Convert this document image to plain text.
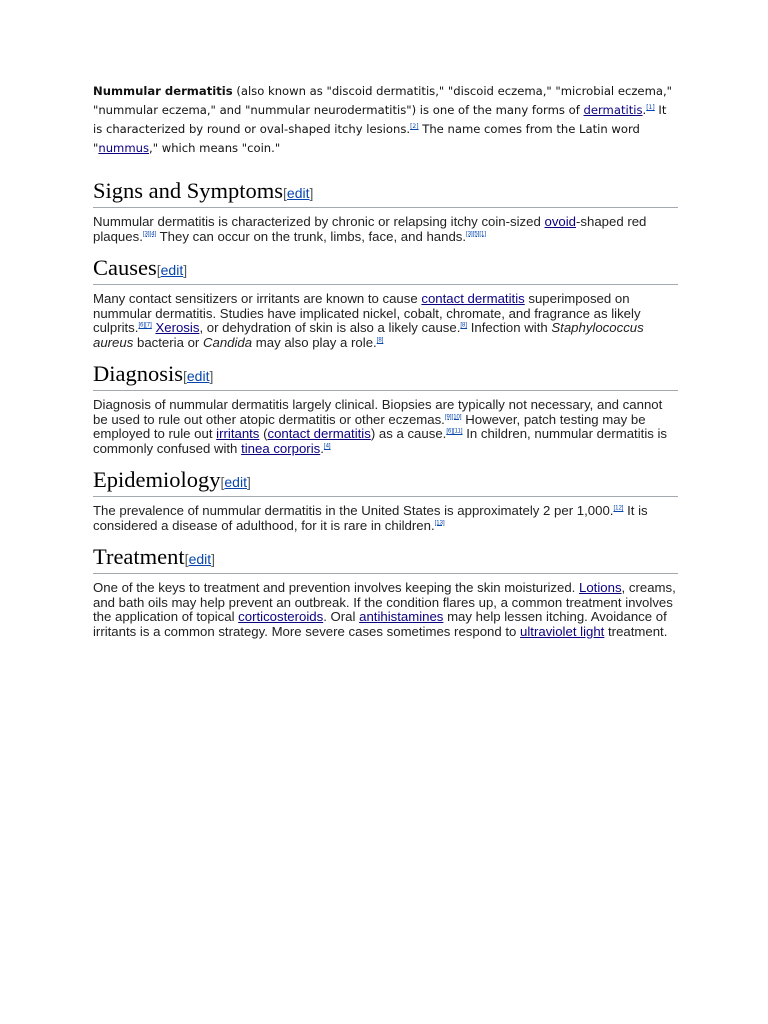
Nummular dermatitis (also known as "discoid dermatitis," "discoid eczema," "microbial eczema," "nummular eczema," and "nummular neurodermatitis") is one of the many forms of dermatitis.[1] It is characterized by round or oval-shaped itchy lesions.[2] The name comes from the Latin word "nummus," which means "coin."

Signs and Symptoms[edit]

Nummular dermatitis is characterized by chronic or relapsing itchy coin-sized ovoid-shaped red plaques.[3][4] They can occur on the trunk, limbs, face, and hands.[3][5][1]

Causes[edit]

Many contact sensitizers or irritants are known to cause contact dermatitis superimposed on nummular dermatitis. Studies have implicated nickel, cobalt, chromate, and fragrance as likely culprits.[6][7] Xerosis, or dehydration of skin is also a likely cause.[8] Infection with Staphylococcus aureus bacteria or Candida may also play a role.[8]

Diagnosis[edit]

Diagnosis of nummular dermatitis largely clinical. Biopsies are typically not necessary, and cannot be used to rule out other atopic dermatitis or other eczemas.[9][10] However, patch testing may be employed to rule out irritants (contact dermatitis) as a cause.[6][11] In children, nummular dermatitis is commonly confused with tinea corporis.[4]

Epidemiology[edit]

The prevalence of nummular dermatitis in the United States is approximately 2 per 1,000.[12] It is considered a disease of adulthood, for it is rare in children.[13]

Treatment[edit]

One of the keys to treatment and prevention involves keeping the skin moisturized. Lotions, creams, and bath oils may help prevent an outbreak. If the condition flares up, a common treatment involves the application of topical corticosteroids. Oral antihistamines may help lessen itching. Avoidance of irritants is a common strategy. More severe cases sometimes respond to ultraviolet light treatment.
